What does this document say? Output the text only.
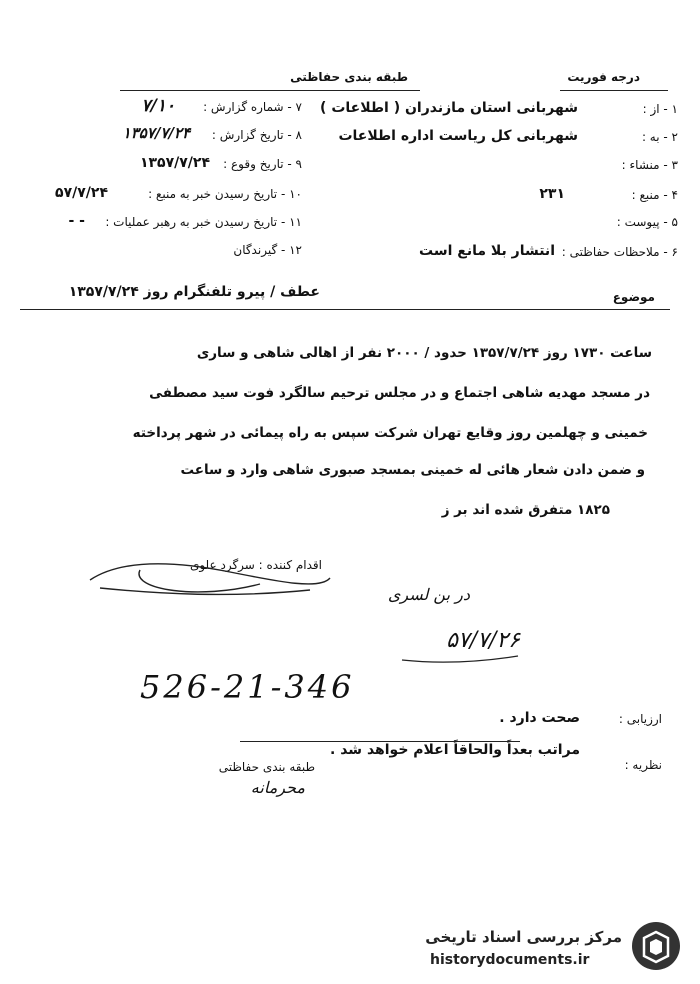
درجه فوریت
طبقه بندی حفاظتی
۱ - از :
شهربانی استان مازندران ( اطلاعات )
۲ - به :
شهربانی کل ریاست اداره اطلاعات
۳ - منشاء :
۴ - منبع :
۲۳۱
۵ - پیوست :
۶ - ملاحظات حفاظتی :
انتشار بلا مانع است
۷ - شماره گزارش :
۷/۱۰
۸ - تاریخ گزارش :
۱۳۵۷/۷/۲۴
۹ - تاریخ وقوع :
۱۳۵۷/۷/۲۴
۱۰ - تاریخ رسیدن خبر به منبع :
۵۷/۷/۲۴
۱۱ - تاریخ رسیدن خبر به رهبر عملیات :
- -
۱۲ - گیرندگان
موضوع
عطف / پیرو تلفنگرام روز ۱۳۵۷/۷/۲۴
ساعت ۱۷۳۰ روز ۱۳۵۷/۷/۲۴ حدود / ۲۰۰۰ نفر از اهالی شاهی و ساری
در مسجد مهدیه شاهی اجتماع و در مجلس ترحیم سالگرد فوت سید مصطفی
خمینی و چهلمین روز وقایع تهران شرکت سپس به راه پیمائی در شهر پرداخته
و ضمن دادن شعار هائی له خمینی بمسجد صبوری شاهی وارد و ساعت
۱۸۲۵ متفرق شده اند بر ز
اقدام کننده : سرگرد علوی
در بن لسری
۵۷/۷/۲۶
526-21-346
ارزیابی :
صحت دارد .
نظریه :
مراتب بعداً والحاقاً اعلام خواهد شد .
طبقه بندی حفاظتی
محرمانه
مرکز بررسی اسناد تاریخی
historydocuments.ir
